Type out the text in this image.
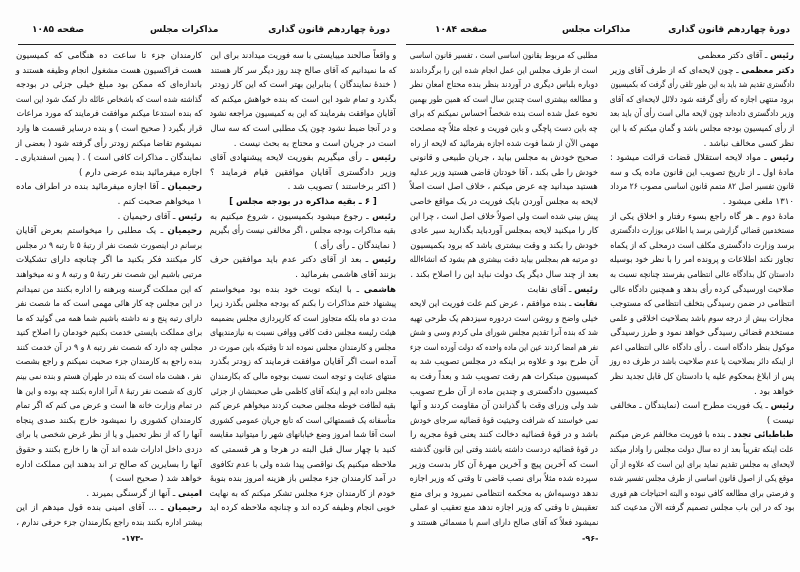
دورهٔ چهاردهم قانون گذاری
مذاکرات مجلس
صفحه ۱۰۸۵
و واقعاً صالحند میبایستی با سه فوریت میدادند برای این
که ما نمیدانیم که آقای صالح چند روز دیگر سر کار هستند
( خندهٔ نمایندگان ) بنابراین بهتر است که این کار زودتر
بگذرد و تمام شود این است که بنده خواهش میکنم که
آقایان موافقت بفرمایند که این به کمیسیون مراجعه نشود
و در آنجا ضبط نشود چون یک مطلبی است که سه سال
است در جریان است و محتاج به بحث نیست .
رئیس ـ رأی میگیریم بفوریت لایحه پیشنهادی آقای
وزیر دادگستری آقایان موافقین قیام فرمایند ؟
( اکثر برخاستند ) تصویب شد .
[ ۶ ـ بقیه مذاکره در بودجه مجلس ]
رئیس ـ رجوع میشود بکمیسیون ، شروع میکنیم به
بقیه مذاکرات بودجه مجلس ، اگر مخالفی نیست رأی بگیریم
( نمایندگان ـ رأی رأی )
رئیس ـ بعد از آقای دکتر عدم باید موافقین حرف
بزنند آقای هاشمی بفرمائید .
هاشمی ـ با اینکه نوبت خود بنده بود میخواستم
پیشنهاد ختم مذاکرات را بکنم که بودجه مجلس بگذرد زیرا
مدت دو ماه بلکه متجاوز است که کارپردازی مجلس بضمیمه
هیئت رئیسه مجلس دقت کافی ووافی نسبت به نیازمندیهای
مجلس و کارمندان مجلس نموده اند تا وقتیکه باین صورت در
آمده است اگر آقایان موافقت فرمایند که زودتر بگذرد
منتهای عنایت و توجه است نسبت بوجوه مالی که بکارمندان
مجلس داده ایم و اینکه آقای کاظمی طی صحبتشان از جزئی
بقیه لطافت خوطه مجلس صحبت کردند میخواهم عرض کنم
متأسفانه یک قسمتهائی است که تابع جریان عمومی کشوری
است آقا شما امروز وضع خیابانهای شهر را میتوانید مقایسه
کنید با چهار سال قبل البته در هرجا و هر قسمتی که
ملاحظه میکنیم یک نواقصی پیدا شده ولی با عدم تکافوی
در آمد کارمندان جزء مجلس باز هزینه امروز بنده بنوبهٔ
خودم از کارمندان جزء مجلس تشکر میکنم که به نهایت
خوبی انجام وظیفه کرده اند و چنانچه ملاحظه کرده اید
کارمندان جزء تا ساعت ده هنگامی که کمیسیون
هست فراکسیون هست مشغول انجام وظیفه هستند و
باندازه‌ای که ممکن بود مبلغ خیلی جزئی در بودجه
گذاشته شده است که باشخاص عائله دار کمک شود این است
که بنده استدعا میکنم موافقت فرمایند که مورد مراعات
قرار بگیرد ( صحیح است ) و بنده درسایر قسمت ها وارد
نمیشوم تقاضا میکنم زودتر رأی گرفته شود ( بعضی از
نمایندگان ـ مذاکرات کافی است ) . ( یمین اسفندیاری ـ
اجازه میفرمائید بنده عرضی دارم )
رحیمیان ـ آقا اجازه میفرمائید بنده در اطراف ماده
۱ میخواهم صحبت کنم .
رئیس ـ آقای رحیمیان .
رحیمیان ـ یک مطلبی را میخواستم بعرض آقایان
برسانم در اینصورت شصت نفر از رتبهٔ ۵ تا رتبه ۹ در مجلس
کار میکنند فکر بکنید ما اگر چنانچه دارای تشکیلات
مرتبی باشیم این شصت نفر رتبهٔ ۵ و رتبه ۸ و نه میخواهند
که این مملکت گرسنه وبرهنه را اداره بکنند من نمیدانم
در این مجلس چه کار هائی مهمی است که ما شصت نفر
دارای رتبه پنج و نه داشته باشیم شما همه می گوئید که ما
برای مملکت بایستی خدمت بکنیم خودمان را اصلاح کنید
مجلس چه دارد که شصت نفر رتبه ۸ و ۹ در آن خدمت کنند
بنده راجع به کارمندان جزء صحبت نمیکنم و راجع بشصت
نفر ، هشت ماه است که بنده در طهران هستم و بنده نمی بینم
کاری که شصت نفر رتبهٔ ۸ آنرا اداره بکنند چه بوده و این ها
در تمام وزارت خانه ها است و عرض می کنم که اگر تمام
کارمندان کشوری را نمیشود خارج بکنند صدی پنجاه
آنها را که از نظر تحمیل و یا از نظر غرض شخصی یا برای
دزدی داخل ادارات شده اند آن ها را خارج بکنند و حقوق
آنها را بسایرین که صالح تر اند بدهند این مملکت اداره
خواهد شد ( صحیح است )
امینی ـ آنها از گرسنگی بمیرند .
رحیمیان ـ ... آقای امینی بنده قول میدهم از این
بیشتر اداره بکنند بنده راجع بکارمندان جزء حرفی ندارم ،
-۱۷۳-
دورهٔ چهاردهم قانون گذاری
مذاکرات مجلس
صفحه ۱۰۸۴
رئیس ـ آقای دکتر معظمی
دکتر معظمی ـ چون لایحه‌ای که از طرف آقای وزیر
دادگستری تقدیم شد باید به این طور تلقی رأی گرفت که بکمیسیون
برود منتهی اجازه که رأی گرفته شود دلائل لایحه‌ای که آقای
وزیر دادگستری داده‌اند چون لایحه مالی است رأی آن باید بعد
از رأی کمیسیون بودجه مجلس باشد و گمان میکنم که با این
نظر کسی مخالف نباشد .
رئیس ـ مواد لایحه استقلال قضات قرائت میشود :
مادهٔ اول ـ از تاریخ تصویب این قانون ماده یک و سه
قانون تفسیر اصل ۸۲ متمم قانون اساسی مصوب ۲۶ مرداد
۱۳۱۰ ملغی میشود .
مادهٔ دوم ـ هر گاه راجع بسوء رفتار و اخلاق یکی از
مستخدمین قضائی گزارشی برسد یا اطلاعی بوزارت دادگستری
برسد وزارت دادگستری مکلف است درمحلی که از یکماه
تجاوز نکند اطلاعات و پرونده امر را با نظر خود بوسیله
دادستان کل بدادگاه عالی انتظامی بفرستد چنانچه نسبت به
صلاحیت اورسیدگی کرده رأی بدهد و همچنین دادگاه عالی
انتظامی در ضمن رسیدگی بتخلف انتظامی که مستوجب
مجازات بیش از درجه سوم باشد بصلاحیت اخلاقی و علمی
مستخدم قضائی رسیدگی خواهد نمود و طرز رسیدگی
موکول بنظر دادگاه است . رأی دادگاه عالی انتظامی اعم
از اینکه دائر بصلاحیت یا عدم صلاحیت باشد در ظرف ده روز
پس از ابلاغ بمحکوم علیه یا دادستان کل قابل تجدید نظر
خواهد بود .
رئیس ـ یک فوریت مطرح است (نمایندگان ـ مخالفی
نیست )
طباطبائی تجدد ـ بنده با فوریت مخالفم عرض میکنم
علت اینکه تقریباً بعد از ده سال دولت مجلس را وادار میکند
لایحه‌ای به مجلس تقدیم نماید برای این است که علاوه از آن
موقع یکی از اصول قانون اساسی از طرف مجلس تفسیر شده
و فرصتی برای مطالعه کافی نبوده و البته احتیاجات هم فوری
بود که در این باب مجلس تصمیم گرفته الآن مدعیت کند
مطلبی که مربوط بقانون اساسی است ، تفسیر قانون اساسی
است از طرف مجلس این عمل انجام شده این را برگرداندند
دوباره بلباس دیگری در آوردند بنظر بنده محتاج امعان نظر
و مطالعه بیشتری است چندین سال است که همین طور بهمین
نحوه عمل شده است بنده شخصاً احساس نمیکنم که برای
چه باین دست پاچگی و باین فوریت و عجله مثلاً چه مصلحت
مهمی الآن از شما فوت شده اجازه بفرمائید که لایحه از راه
صحیح خودش به مجلس بیاید ، جریان طبیعی و قانونی
خودش را طی بکند ، آقا خودتان قاضی هستید وزیر عدلیه
هستید میدانید چه عرض میکنم ، خلاف اصل است اصلاً
لایحه به مجلس آوردن بایک فوریت در یک مواقع خاصی
پیش بینی شده است ولی اصولاً خلاف اصل است ، چرا این
کار را میکنید لایحه بمجلس آوردباید بگذارید سیر عادی
خودش را بکند و وقت بیشتری باشد که برود بکمیسیون
دو مرتبه هم بمجلس بیاید دقت بیشتری هم بشود که انشاءالله
بعد از چند سال دیگر یک دولت نباید این را اصلاح بکند .
رئیس ـ آقای نقابت
نقابت ـ بنده موافقم ، عرض کنم علت فوریت این لایحه
خیلی واضح و روشن است دردوره سیزدهم یک طرحی تهیه
شد که بنده آنرا تقدیم مجلس شورای ملی کردم وسی و شش
نفر هم امضا کردند عین این ماده واحده که دولت آورده است جزء
آن طرح بود و علاوه بر اینکه در مجلس تصویب شد به
کمیسیون مبتکرات هم رفت تصویب شد و بعداً رفت به
کمیسیون دادگستری و چندین ماده از آن طرح تصویب
شد ولی وزرای وقت با گذراندن آن مقاومت کردند و آنها
نمی خواستند که شرافت وحیثیت قوهٔ قضائیه سرجای خودش
باشد و در قوهٔ قضائیه دخالت کنند یعنی قوهٔ مجریه را
در قوهٔ قضائیه دردست داشته باشند وقتی این قانون گذشته
است که آخرین پیچ و آخرین مهرهٔ آن کار بدست وزیر
سپرده شده مثلاً برای نصب قاضی تا وقتی که وزیر اجازه
ندهد دوسیه‌اش به محکمه انتظامی نمیرود و برای منع
تعقیبش تا وقتی که وزیر اجازه ندهد منع تعقیب او عملی
نمیشود فعلاً که آقای صالح دارای اسم با مسمائی هستند و
-۹۶-
